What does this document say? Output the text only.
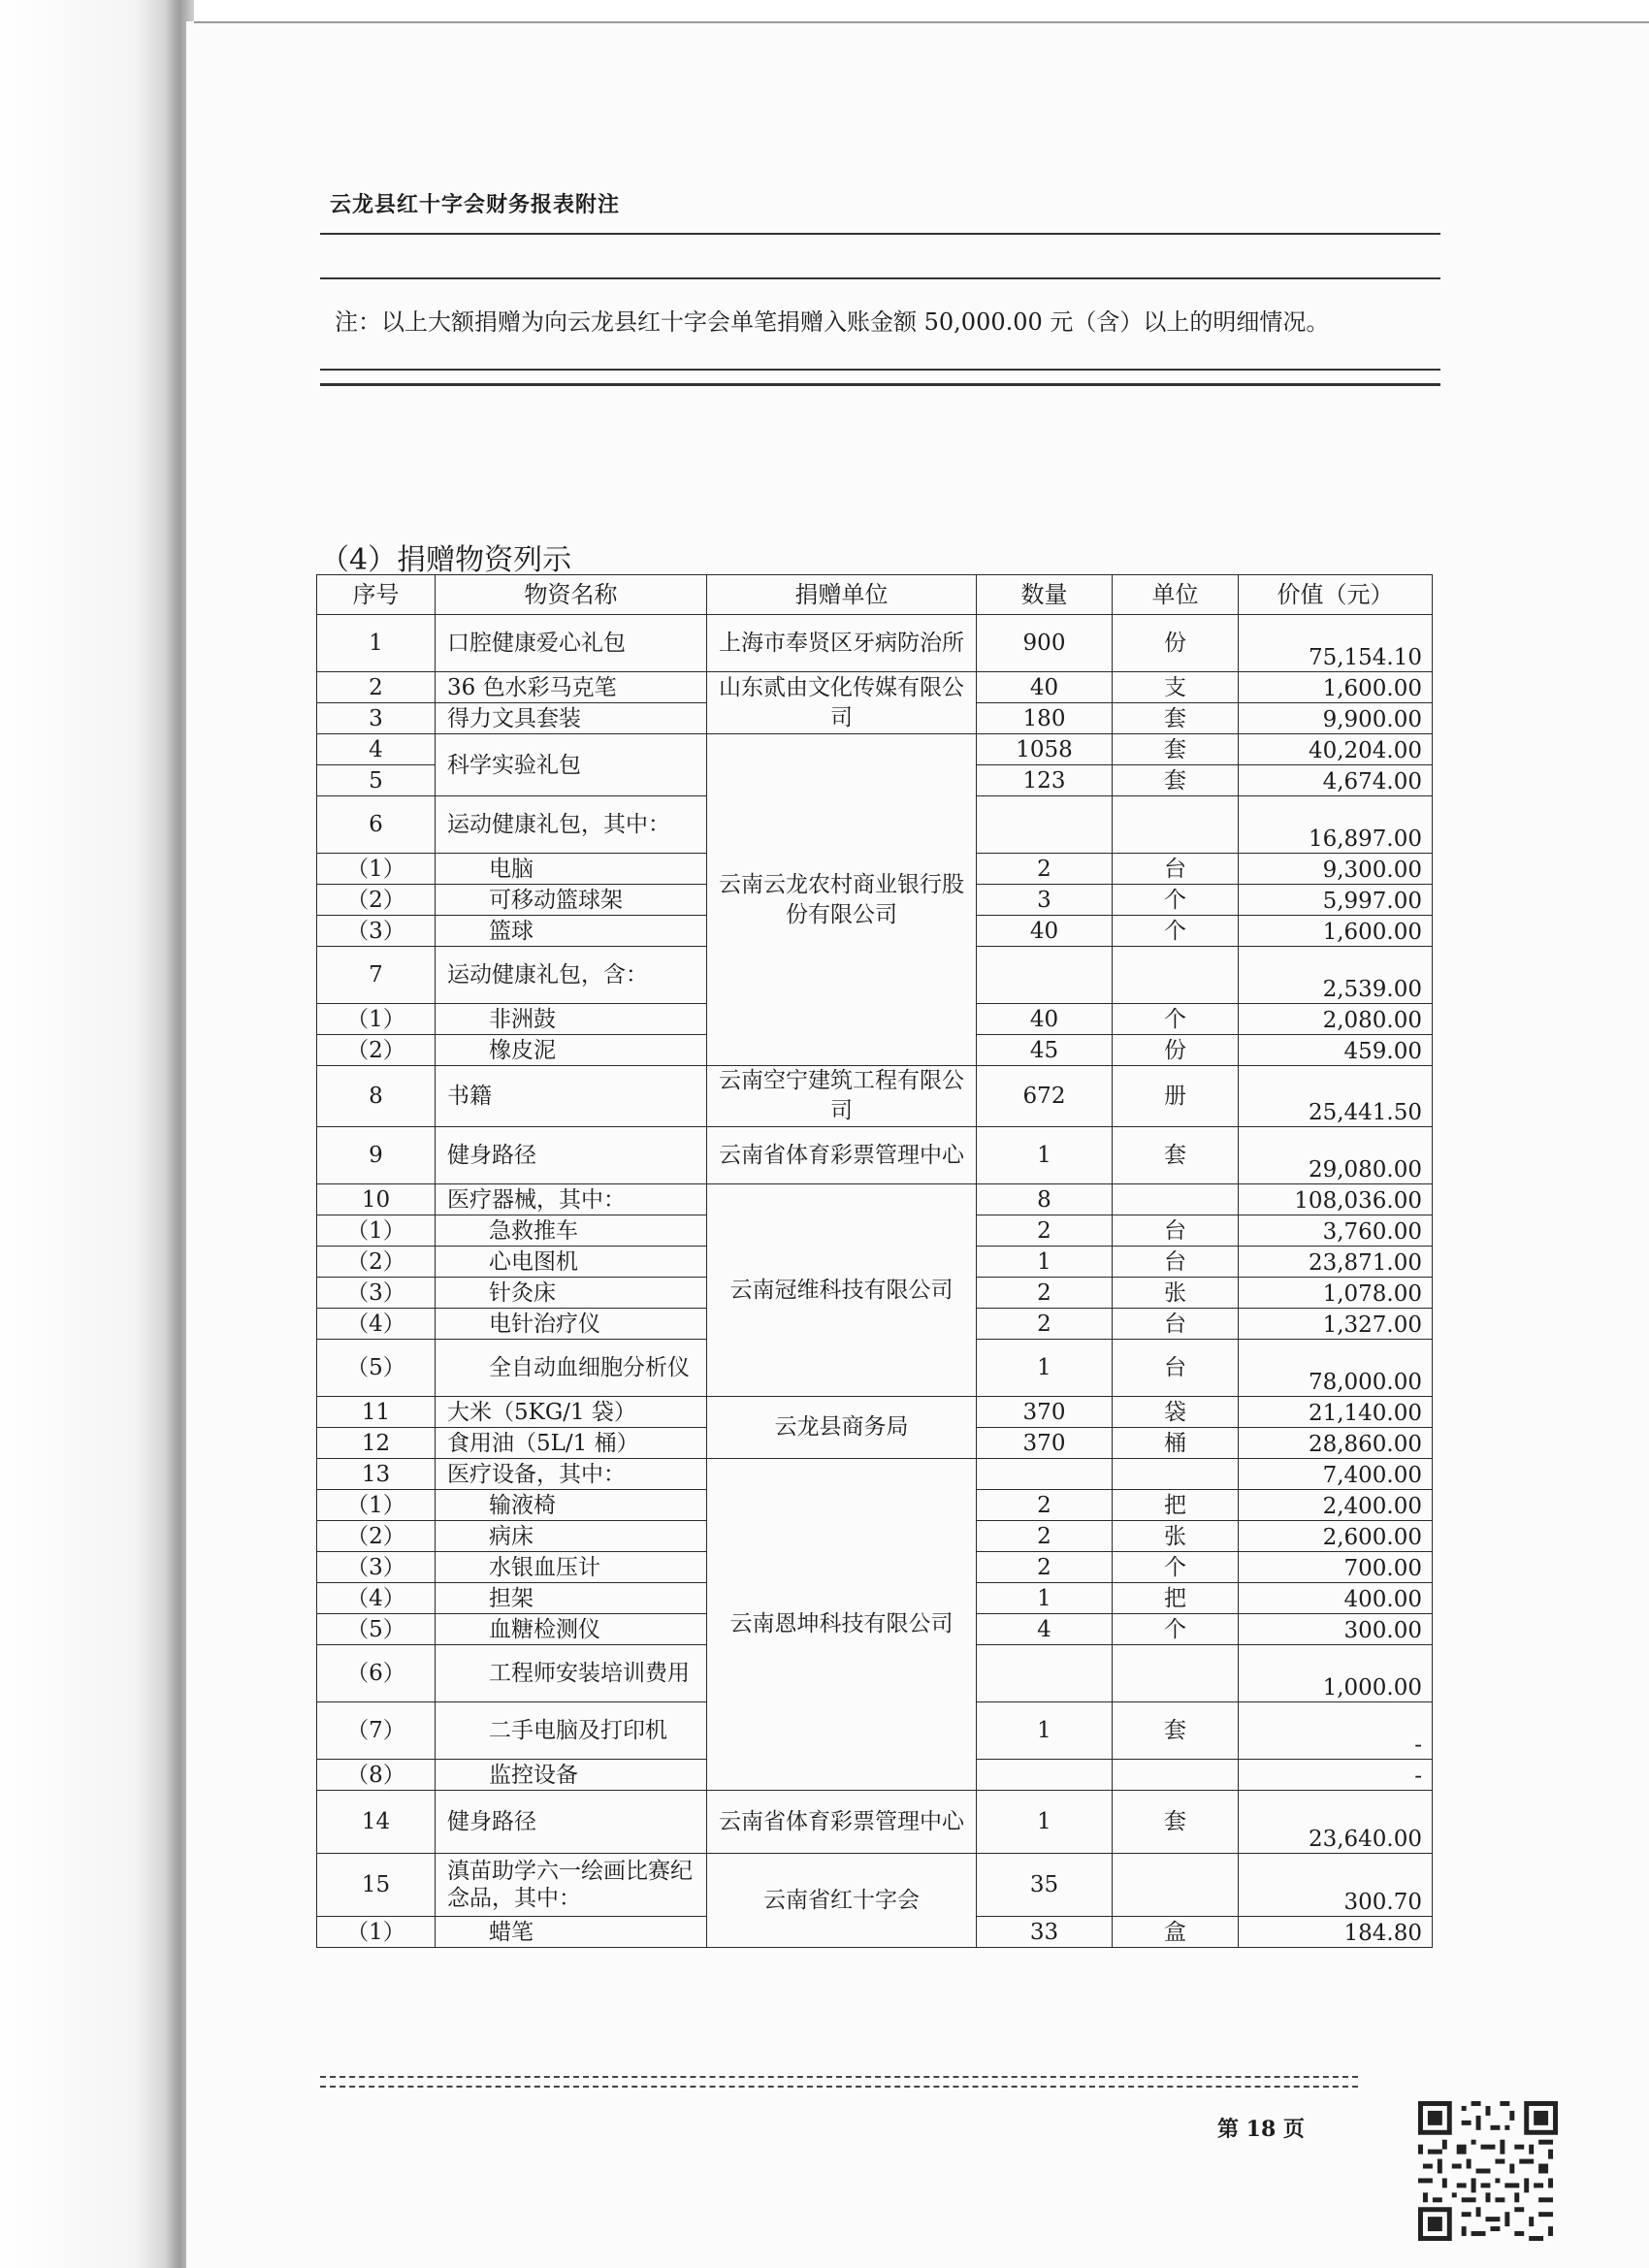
云龙县红十字会财务报表附注
注：以上大额捐赠为向云龙县红十字会单笔捐赠入账金额 50,000.00 元（含）以上的明细情况。
（4）捐赠物资列示
序号	物资名称	捐赠单位	数量	单位	价值（元）
1	口腔健康爱心礼包	上海市奉贤区牙病防治所	900	份	75,154.10
2	36 色水彩马克笔	山东贰由文化传媒有限公司	40	支	1,600.00
3	得力文具套装		180	套	9,900.00
4	科学实验礼包	云南云龙农村商业银行股份有限公司	1058	套	40,204.00
5			123	套	4,674.00
6	运动健康礼包，其中：				16,897.00
（1）	电脑		2	台	9,300.00
（2）	可移动篮球架		3	个	5,997.00
（3）	篮球		40	个	1,600.00
7	运动健康礼包，含：				2,539.00
（1）	非洲鼓		40	个	2,080.00
（2）	橡皮泥		45	份	459.00
8	书籍	云南空宁建筑工程有限公司	672	册	25,441.50
9	健身路径	云南省体育彩票管理中心	1	套	29,080.00
10	医疗器械，其中：	云南冠维科技有限公司	8		108,036.00
（1）	急救推车		2	台	3,760.00
（2）	心电图机		1	台	23,871.00
（3）	针灸床		2	张	1,078.00
（4）	电针治疗仪		2	台	1,327.00
（5）	全自动血细胞分析仪		1	台	78,000.00
11	大米（5KG/1 袋）	云龙县商务局	370	袋	21,140.00
12	食用油（5L/1 桶）		370	桶	28,860.00
13	医疗设备，其中：	云南恩坤科技有限公司			7,400.00
（1）	输液椅		2	把	2,400.00
（2）	病床		2	张	2,600.00
（3）	水银血压计		2	个	700.00
（4）	担架		1	把	400.00
（5）	血糖检测仪		4	个	300.00
（6）	工程师安装培训费用				1,000.00
（7）	二手电脑及打印机		1	套	-
（8）	监控设备				-
14	健身路径	云南省体育彩票管理中心	1	套	23,640.00
15	滇苗助学六一绘画比赛纪念品，其中：	云南省红十字会	35		300.70
（1）	蜡笔		33	盒	184.80
第 18 页
